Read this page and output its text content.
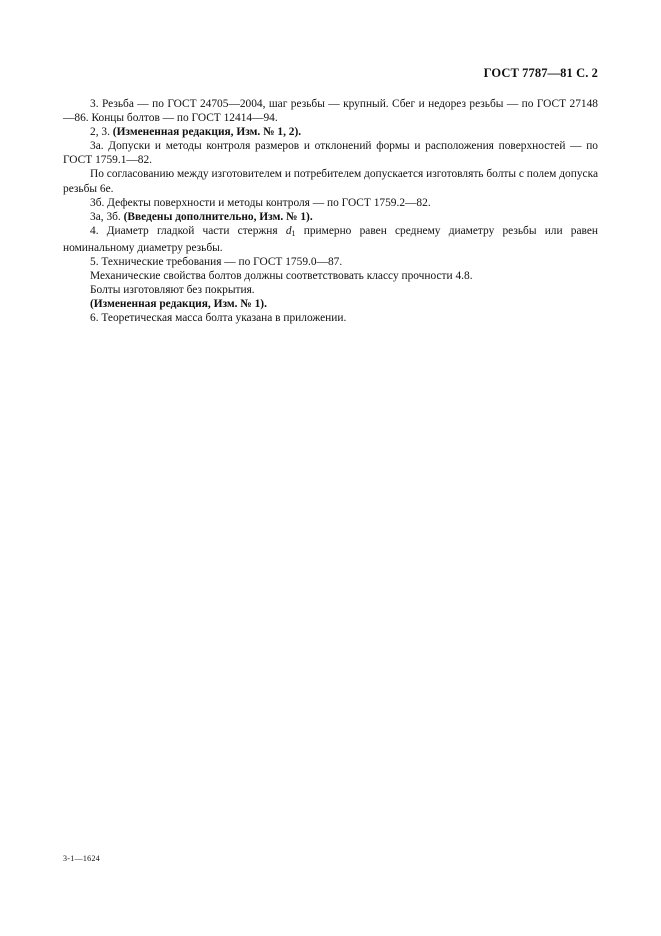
ГОСТ 7787—81 С. 2

3. Резьба — по ГОСТ 24705—2004, шаг резьбы — крупный. Сбег и недорез резьбы — по ГОСТ 27148—86. Концы болтов — по ГОСТ 12414—94.

2, 3. (Измененная редакция, Изм. № 1, 2).

3а. Допуски и методы контроля размеров и отклонений формы и расположения поверхностей — по ГОСТ 1759.1—82.

По согласованию между изготовителем и потребителем допускается изготовлять болты с полем допуска резьбы 6е.

3б. Дефекты поверхности и методы контроля — по ГОСТ 1759.2—82.

3а, 3б. (Введены дополнительно, Изм. № 1).

4. Диаметр гладкой части стержня $d_1$ примерно равен среднему диаметру резьбы или равен номинальному диаметру резьбы.

5. Технические требования — по ГОСТ 1759.0—87.

Механические свойства болтов должны соответствовать классу прочности 4.8.

Болты изготовляют без покрытия.

(Измененная редакция, Изм. № 1).

6. Теоретическая масса болта указана в приложении.

3-1—1624
